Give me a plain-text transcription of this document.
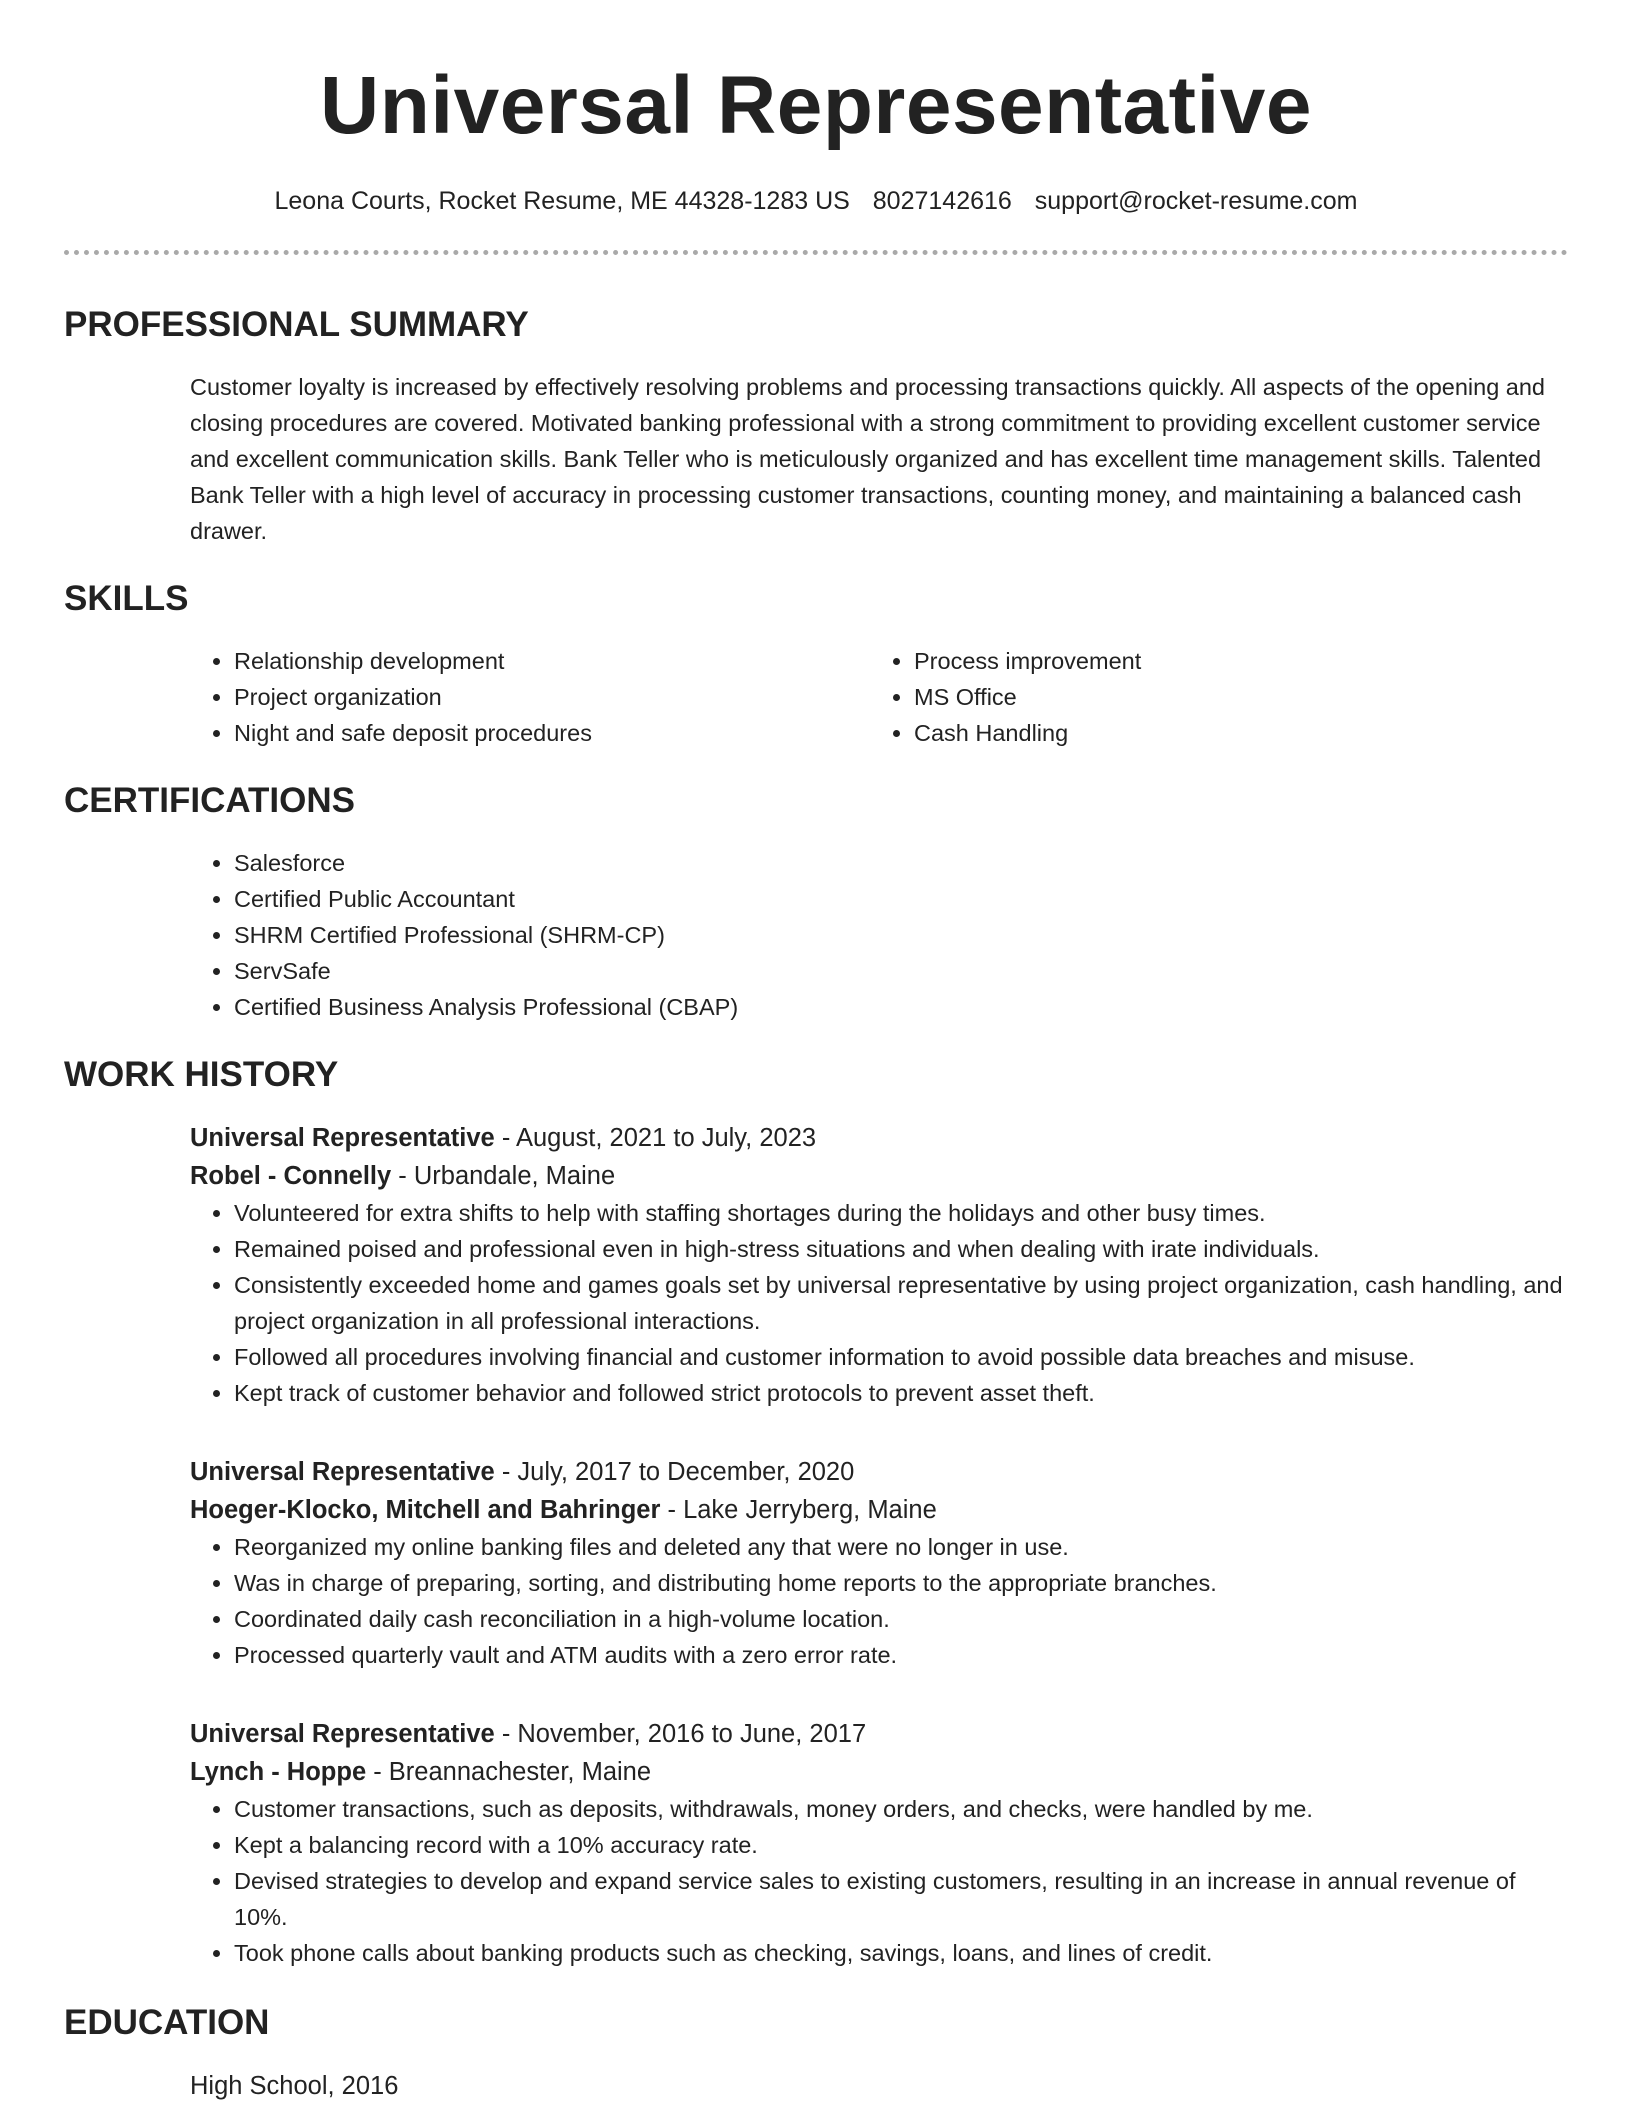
Universal Representative
Leona Courts, Rocket Resume, ME 44328-1283 US 8027142616 support@rocket-resume.com
PROFESSIONAL SUMMARY
Customer loyalty is increased by effectively resolving problems and processing transactions quickly. All aspects of the opening and closing procedures are covered. Motivated banking professional with a strong commitment to providing excellent customer service and excellent communication skills. Bank Teller who is meticulously organized and has excellent time management skills. Talented Bank Teller with a high level of accuracy in processing customer transactions, counting money, and maintaining a balanced cash drawer.
SKILLS
• Relationship development
• Project organization
• Night and safe deposit procedures
• Process improvement
• MS Office
• Cash Handling
CERTIFICATIONS
• Salesforce
• Certified Public Accountant
• SHRM Certified Professional (SHRM-CP)
• ServSafe
• Certified Business Analysis Professional (CBAP)
WORK HISTORY
Universal Representative - August, 2021 to July, 2023
Robel - Connelly - Urbandale, Maine
• Volunteered for extra shifts to help with staffing shortages during the holidays and other busy times.
• Remained poised and professional even in high-stress situations and when dealing with irate individuals.
• Consistently exceeded home and games goals set by universal representative by using project organization, cash handling, and project organization in all professional interactions.
• Followed all procedures involving financial and customer information to avoid possible data breaches and misuse.
• Kept track of customer behavior and followed strict protocols to prevent asset theft.
Universal Representative - July, 2017 to December, 2020
Hoeger-Klocko, Mitchell and Bahringer - Lake Jerryberg, Maine
• Reorganized my online banking files and deleted any that were no longer in use.
• Was in charge of preparing, sorting, and distributing home reports to the appropriate branches.
• Coordinated daily cash reconciliation in a high-volume location.
• Processed quarterly vault and ATM audits with a zero error rate.
Universal Representative - November, 2016 to June, 2017
Lynch - Hoppe - Breannachester, Maine
• Customer transactions, such as deposits, withdrawals, money orders, and checks, were handled by me.
• Kept a balancing record with a 10% accuracy rate.
• Devised strategies to develop and expand service sales to existing customers, resulting in an increase in annual revenue of 10%.
• Took phone calls about banking products such as checking, savings, loans, and lines of credit.
EDUCATION
High School, 2016
